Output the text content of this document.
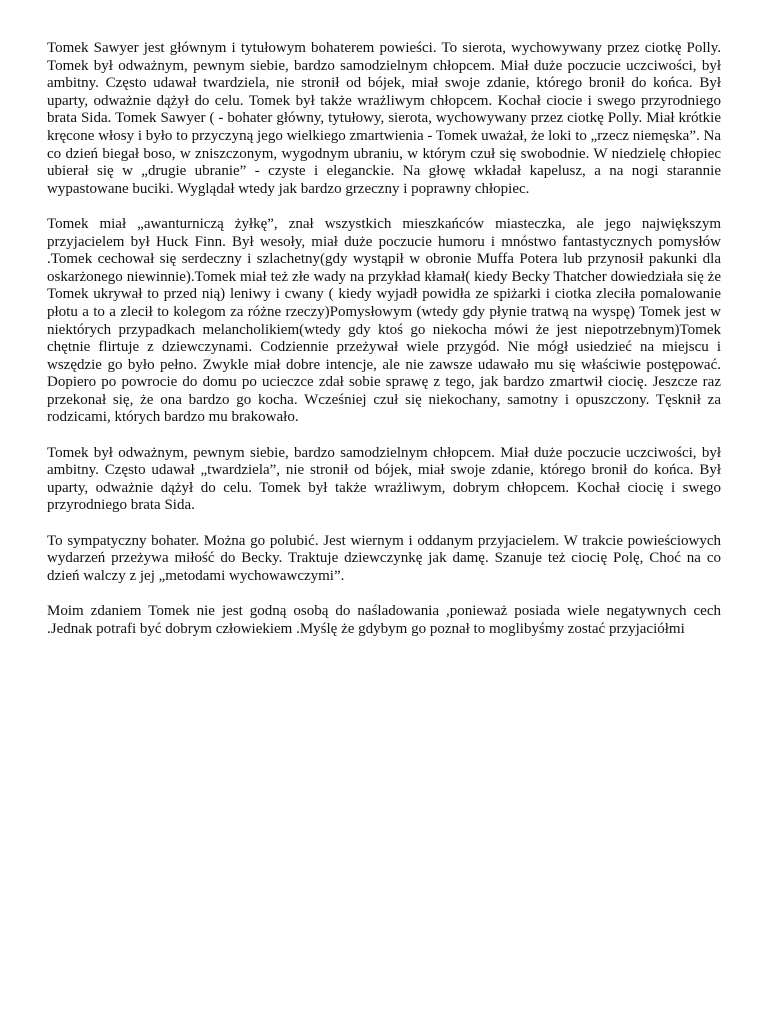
Tomek Sawyer jest głównym i tytułowym bohaterem powieści. To sierota, wychowywany przez ciotkę Polly. Tomek był odważnym, pewnym siebie, bardzo samodzielnym chłopcem. Miał duże poczucie uczciwości, był ambitny. Często udawał twardziela, nie stronił od bójek, miał swoje zdanie, którego bronił do końca. Był uparty, odważnie dążył do celu. Tomek był także wrażliwym chłopcem. Kochał ciocie i swego przyrodniego brata Sida. Tomek Sawyer ( - bohater główny, tytułowy, sierota, wychowywany przez ciotkę Polly. Miał krótkie kręcone włosy i było to przyczyną jego wielkiego zmartwienia - Tomek uważał, że loki to „rzecz niemęska”. Na co dzień biegał boso, w zniszczonym, wygodnym ubraniu, w którym czuł się swobodnie. W niedzielę chłopiec ubierał się w „drugie ubranie” - czyste i eleganckie. Na głowę wkładał kapelusz, a na nogi starannie wypastowane buciki. Wyglądał wtedy jak bardzo grzeczny i poprawny chłopiec.

Tomek miał „awanturniczą żyłkę”, znał wszystkich mieszkańców miasteczka, ale jego największym przyjacielem był Huck Finn. Był wesoły, miał duże poczucie humoru i mnóstwo fantastycznych pomysłów .Tomek cechował się serdeczny i szlachetny(gdy wystąpił w obronie Muffa Potera lub przynosił pakunki dla oskarżonego niewinnie).Tomek miał też złe wady na przykład kłamał( kiedy Becky Thatcher dowiedziała się że Tomek ukrywał to przed nią) leniwy i cwany ( kiedy wyjadł powidła ze spiżarki i ciotka zleciła pomalowanie płotu a to a zlecił to kolegom za różne rzeczy)Pomysłowym (wtedy gdy płynie tratwą na wyspę) Tomek jest w niektórych przypadkach melancholikiem(wtedy gdy ktoś go niekocha mówi że jest niepotrzebnym)Tomek chętnie flirtuje z dziewczynami. Codziennie przeżywał wiele przygód. Nie mógł usiedzieć na miejscu i wszędzie go było pełno. Zwykle miał dobre intencje, ale nie zawsze udawało mu się właściwie postępować. Dopiero po powrocie do domu po ucieczce zdał sobie sprawę z tego, jak bardzo zmartwił ciocię. Jeszcze raz przekonał się, że ona bardzo go kocha. Wcześniej czuł się niekochany, samotny i opuszczony. Tęsknił za rodzicami, których bardzo mu brakowało.

Tomek był odważnym, pewnym siebie, bardzo samodzielnym chłopcem. Miał duże poczucie uczciwości, był ambitny. Często udawał „twardziela”, nie stronił od bójek, miał swoje zdanie, którego bronił do końca. Był uparty, odważnie dążył do celu. Tomek był także wrażliwym, dobrym chłopcem. Kochał ciocię i swego przyrodniego brata Sida.

To sympatyczny bohater. Można go polubić. Jest wiernym i oddanym przyjacielem. W trakcie powieściowych wydarzeń przeżywa miłość do Becky. Traktuje dziewczynkę jak damę. Szanuje też ciocię Polę, Choć na co dzień walczy z jej „metodami wychowawczymi”.

Moim zdaniem Tomek nie jest godną osobą do naśladowania ,ponieważ posiada wiele negatywnych cech .Jednak potrafi być dobrym człowiekiem .Myślę że gdybym go poznał to moglibyśmy zostać przyjaciółmi
